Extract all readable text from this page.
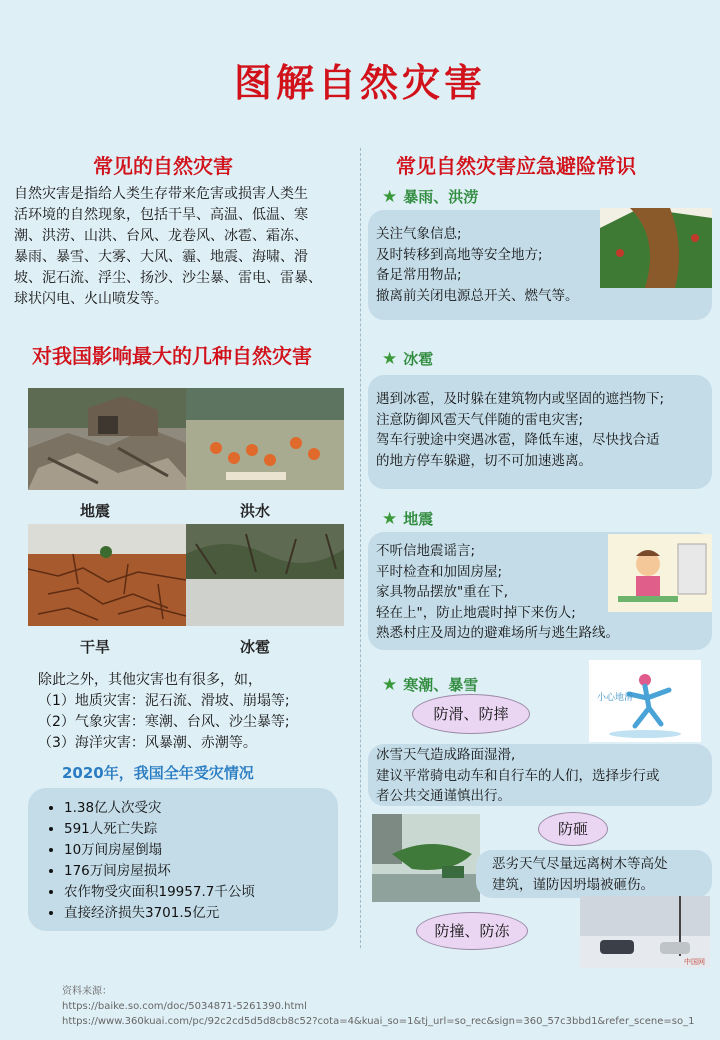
图解自然灾害
常见的自然灾害
自然灾害是指给人类生存带来危害或损害人类生
活环境的自然现象，包括干旱、高温、低温、寒
潮、洪涝、山洪、台风、龙卷风、冰雹、霜冻、
暴雨、暴雪、大雾、大风、霾、地震、海啸、滑
坡、泥石流、浮尘、扬沙、沙尘暴、雷电、雷暴、
球状闪电、火山喷发等。
对我国影响最大的几种自然灾害
地震	洪水
干旱	冰雹
除此之外，其他灾害也有很多，如，
（1）地质灾害：泥石流、滑坡、崩塌等;
（2）气象灾害：寒潮、台风、沙尘暴等;
（3）海洋灾害：风暴潮、赤潮等。
2020年，我国全年受灾情况
• 1.38亿人次受灾
• 591人死亡失踪
• 10万间房屋倒塌
• 176万间房屋损坏
• 农作物受灾面积19957.7千公顷
• 直接经济损失3701.5亿元
常见自然灾害应急避险常识
★ 暴雨、洪涝
关注气象信息;
及时转移到高地等安全地方;
备足常用物品;
撤离前关闭电源总开关、燃气等。
★ 冰雹
遇到冰雹，及时躲在建筑物内或坚固的遮挡物下;
注意防御风雹天气伴随的雷电灾害;
驾车行驶途中突遇冰雹，降低车速，尽快找合适
的地方停车躲避，切不可加速逃离。
★ 地震
不听信地震谣言;
平时检查和加固房屋;
家具物品摆放"重在下,
轻在上"，防止地震时掉下来伤人;
熟悉村庄及周边的避难场所与逃生路线。
★ 寒潮、暴雪
防滑、防摔
小心地滑
冰雪天气造成路面湿滑,
建议平常骑电动车和自行车的人们，选择步行或
者公共交通谨慎出行。
防砸
恶劣天气尽量远离树木等高处
建筑，谨防因坍塌被砸伤。
防撞、防冻
中国网
资料来源：
https://baike.so.com/doc/5034871-5261390.html
https://www.360kuai.com/pc/92c2cd5d5d8cb8c52?cota=4&kuai_so=1&tj_url=so_rec&sign=360_57c3bbd1&refer_scene=so_1
